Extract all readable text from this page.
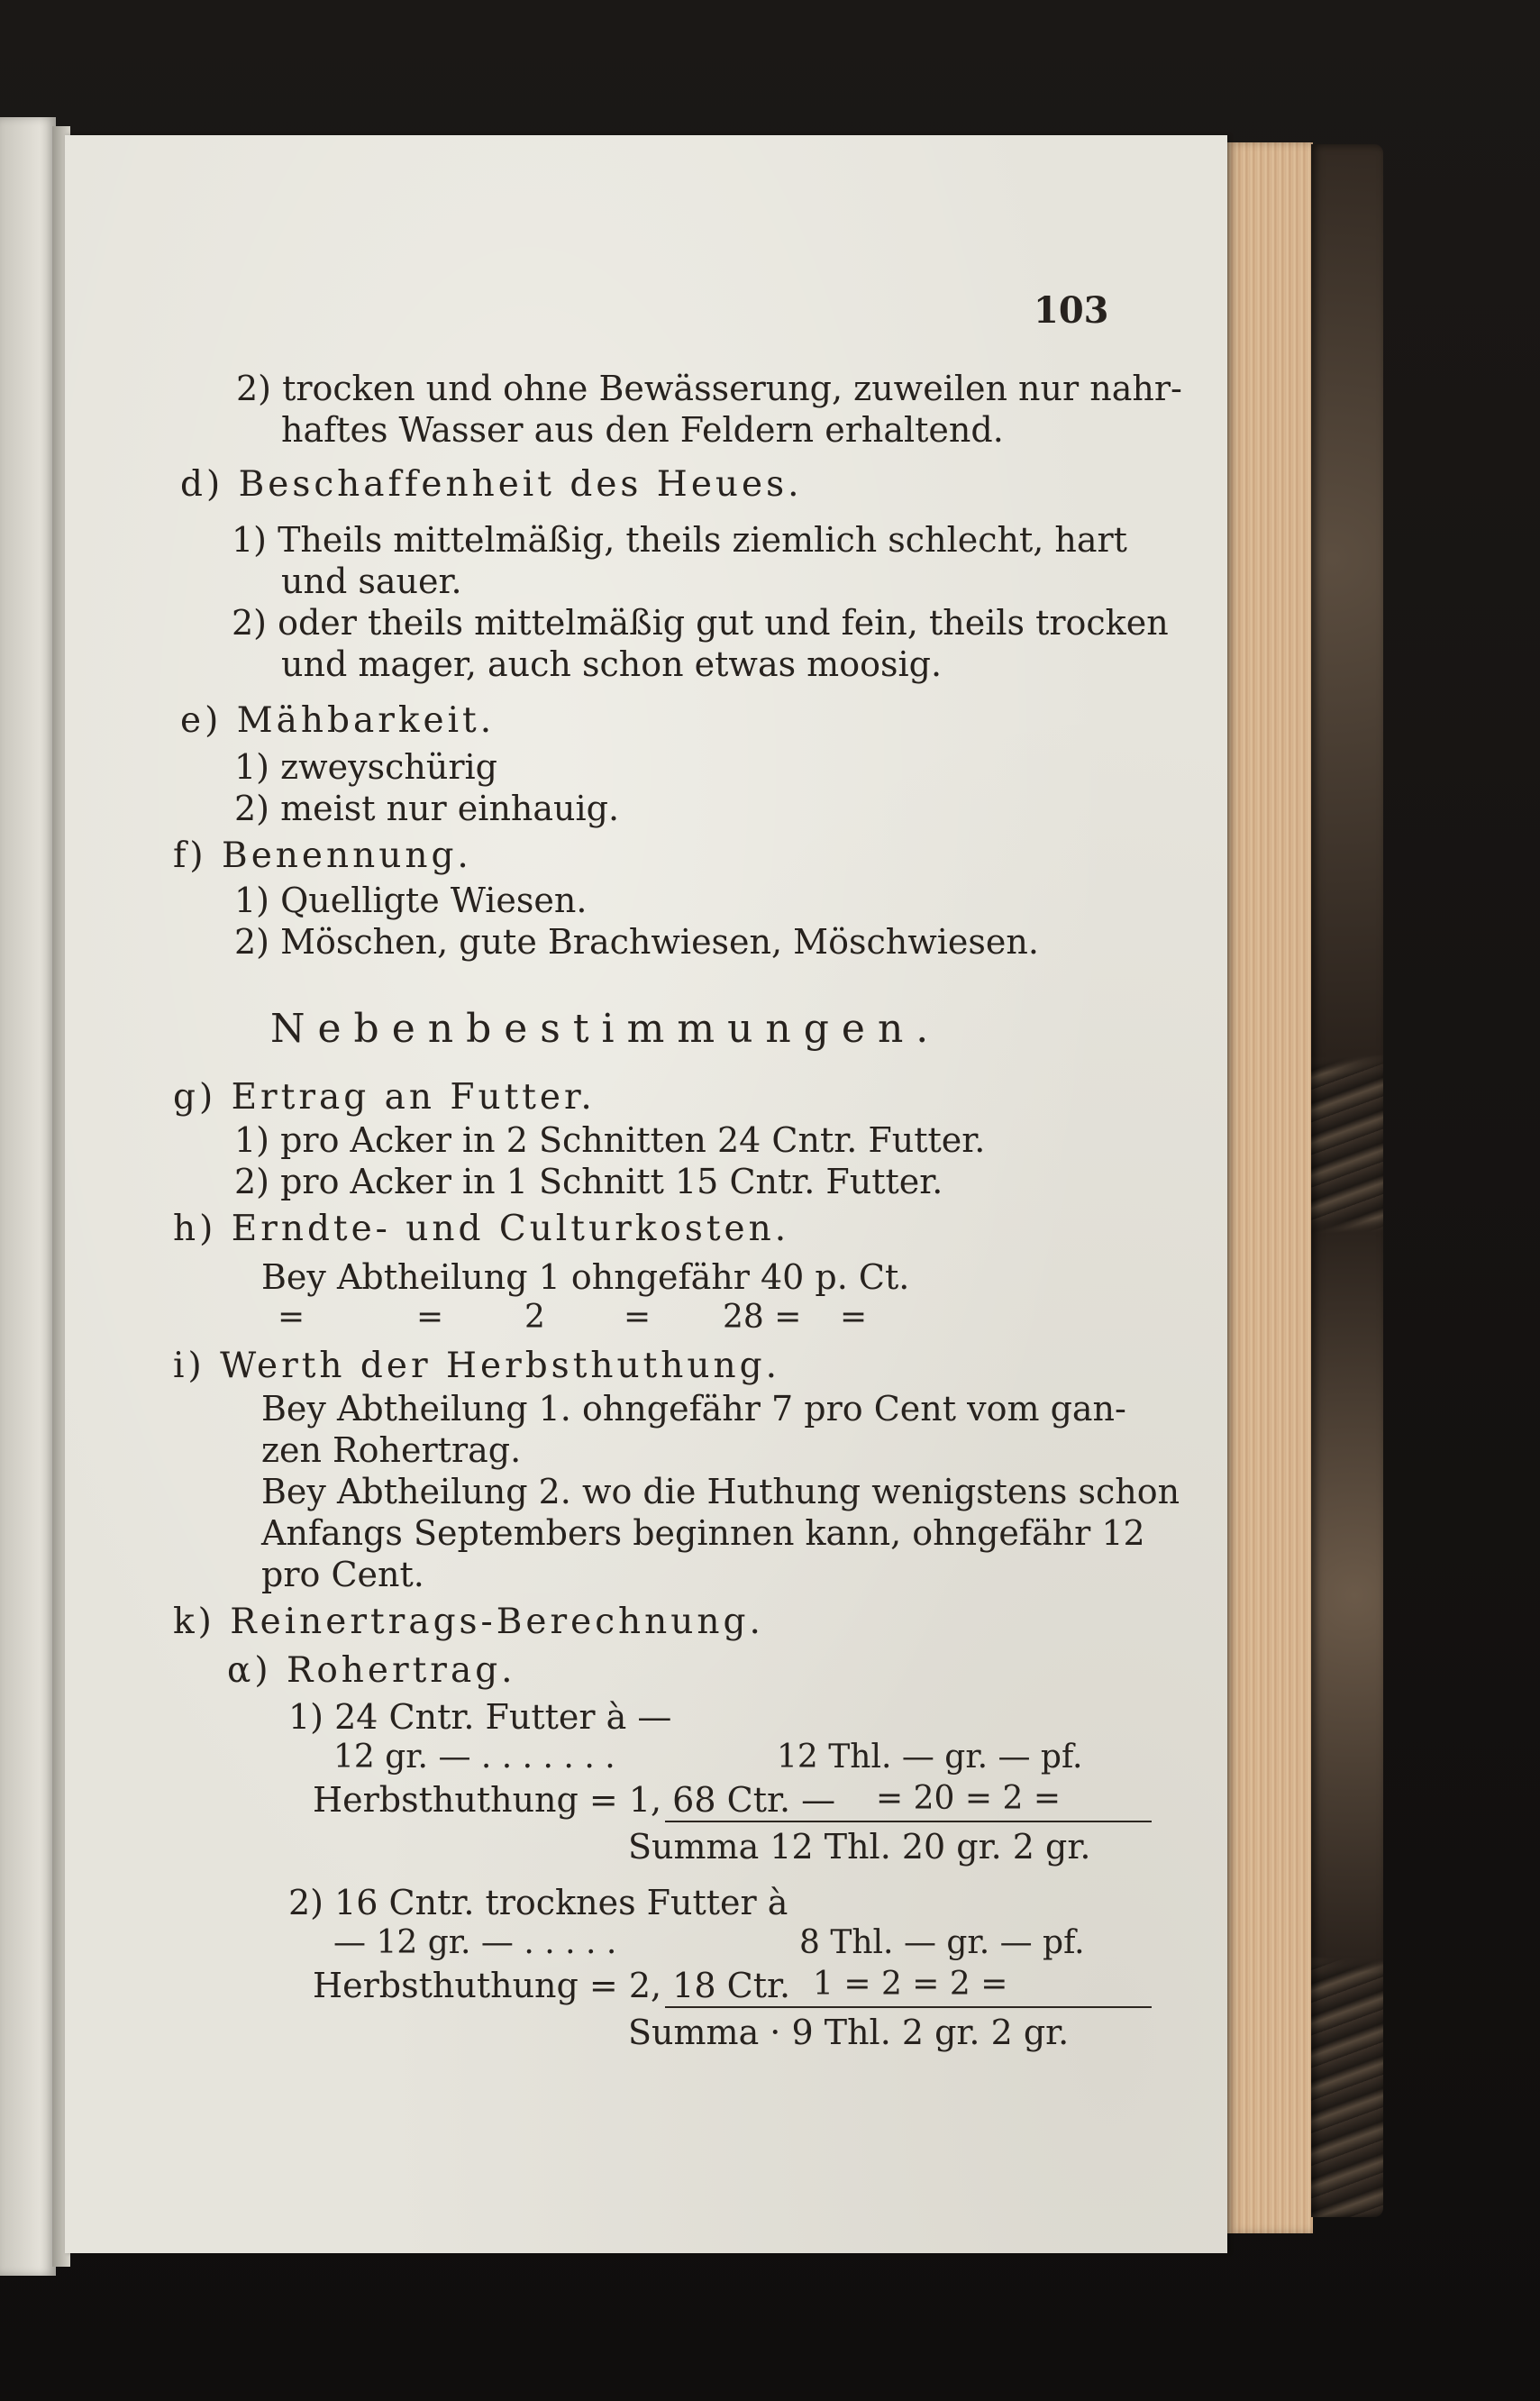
103
2) trocken und ohne Bewässerung, zuweilen nur nahr-
haftes Wasser aus den Feldern erhaltend.
d) Beschaffenheit des Heues.
1) Theils mittelmäßig, theils ziemlich schlecht, hart
und sauer.
2) oder theils mittelmäßig gut und fein, theils trocken
und mager, auch schon etwas moosig.
e) Mähbarkeit.
1) zweyschürig
2) meist nur einhauig.
f) Benennung.
1) Quelligte Wiesen.
2) Möschen, gute Brachwiesen, Möschwiesen.
Nebenbestimmungen.
g) Ertrag an Futter.
1) pro Acker in 2 Schnitten 24 Cntr. Futter.
2) pro Acker in 1 Schnitt 15 Cntr. Futter.
h) Erndte- und Culturkosten.
Bey Abtheilung 1 ohngefähr 40 p. Ct.
=	= 2 = 28 = =
i) Werth der Herbsthuthung.
Bey Abtheilung 1. ohngefähr 7 pro Cent vom gan-
zen Rohertrag.
Bey Abtheilung 2. wo die Huthung wenigstens schon
Anfangs Septembers beginnen kann, ohngefähr 12
pro Cent.
k) Reinertrags-Berechnung.
α) Rohertrag.
1) 24 Cntr. Futter à —
12 gr. — . . . . . . .	12 Thl. — gr. — pf.
Herbsthuthung = 1, 68 Ctr. — = 20 = 2 =
Summa 12 Thl. 20 gr. 2 gr.
2) 16 Cntr. trocknes Futter à
— 12 gr. — . . . . .	8 Thl. — gr. — pf.
Herbsthuthung = 2, 18 Ctr. 1 = 2 = 2 =
Summa · 9 Thl. 2 gr. 2 gr.
